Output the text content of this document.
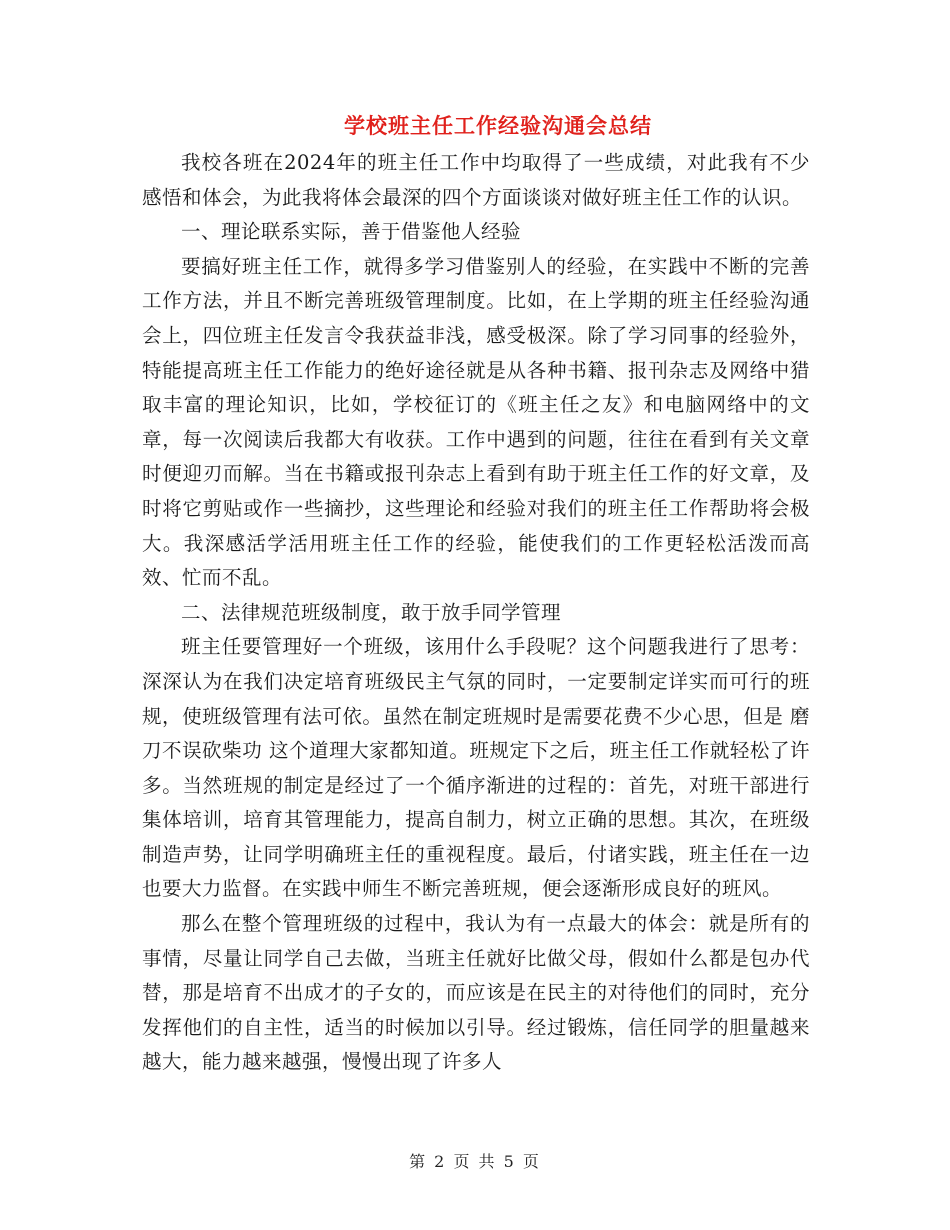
学校班主任工作经验沟通会总结

我校各班在2024年的班主任工作中均取得了一些成绩，对此我有不少感悟和体会，为此我将体会最深的四个方面谈谈对做好班主任工作的认识。

一、理论联系实际，善于借鉴他人经验

要搞好班主任工作，就得多学习借鉴别人的经验，在实践中不断的完善工作方法，并且不断完善班级管理制度。比如，在上学期的班主任经验沟通会上，四位班主任发言令我获益非浅，感受极深。除了学习同事的经验外，特能提高班主任工作能力的绝好途径就是从各种书籍、报刊杂志及网络中猎取丰富的理论知识，比如，学校征订的《班主任之友》和电脑网络中的文章，每一次阅读后我都大有收获。工作中遇到的问题，往往在看到有关文章时便迎刃而解。当在书籍或报刊杂志上看到有助于班主任工作的好文章，及时将它剪贴或作一些摘抄，这些理论和经验对我们的班主任工作帮助将会极大。我深感活学活用班主任工作的经验，能使我们的工作更轻松活泼而高效、忙而不乱。

二、法律规范班级制度，敢于放手同学管理

班主任要管理好一个班级，该用什么手段呢？这个问题我进行了思考：深深认为在我们决定培育班级民主气氛的同时，一定要制定详实而可行的班规，使班级管理有法可依。虽然在制定班规时是需要花费不少心思，但是 磨刀不误砍柴功 这个道理大家都知道。班规定下之后，班主任工作就轻松了许多。当然班规的制定是经过了一个循序渐进的过程的：首先，对班干部进行集体培训，培育其管理能力，提高自制力，树立正确的思想。其次，在班级制造声势，让同学明确班主任的重视程度。最后，付诸实践，班主任在一边也要大力监督。在实践中师生不断完善班规，便会逐渐形成良好的班风。

那么在整个管理班级的过程中，我认为有一点最大的体会：就是所有的事情，尽量让同学自己去做，当班主任就好比做父母，假如什么都是包办代替，那是培育不出成才的子女的，而应该是在民主的对待他们的同时，充分发挥他们的自主性，适当的时候加以引导。经过锻炼，信任同学的胆量越来越大，能力越来越强，慢慢出现了许多人

第 2 页 共 5 页
